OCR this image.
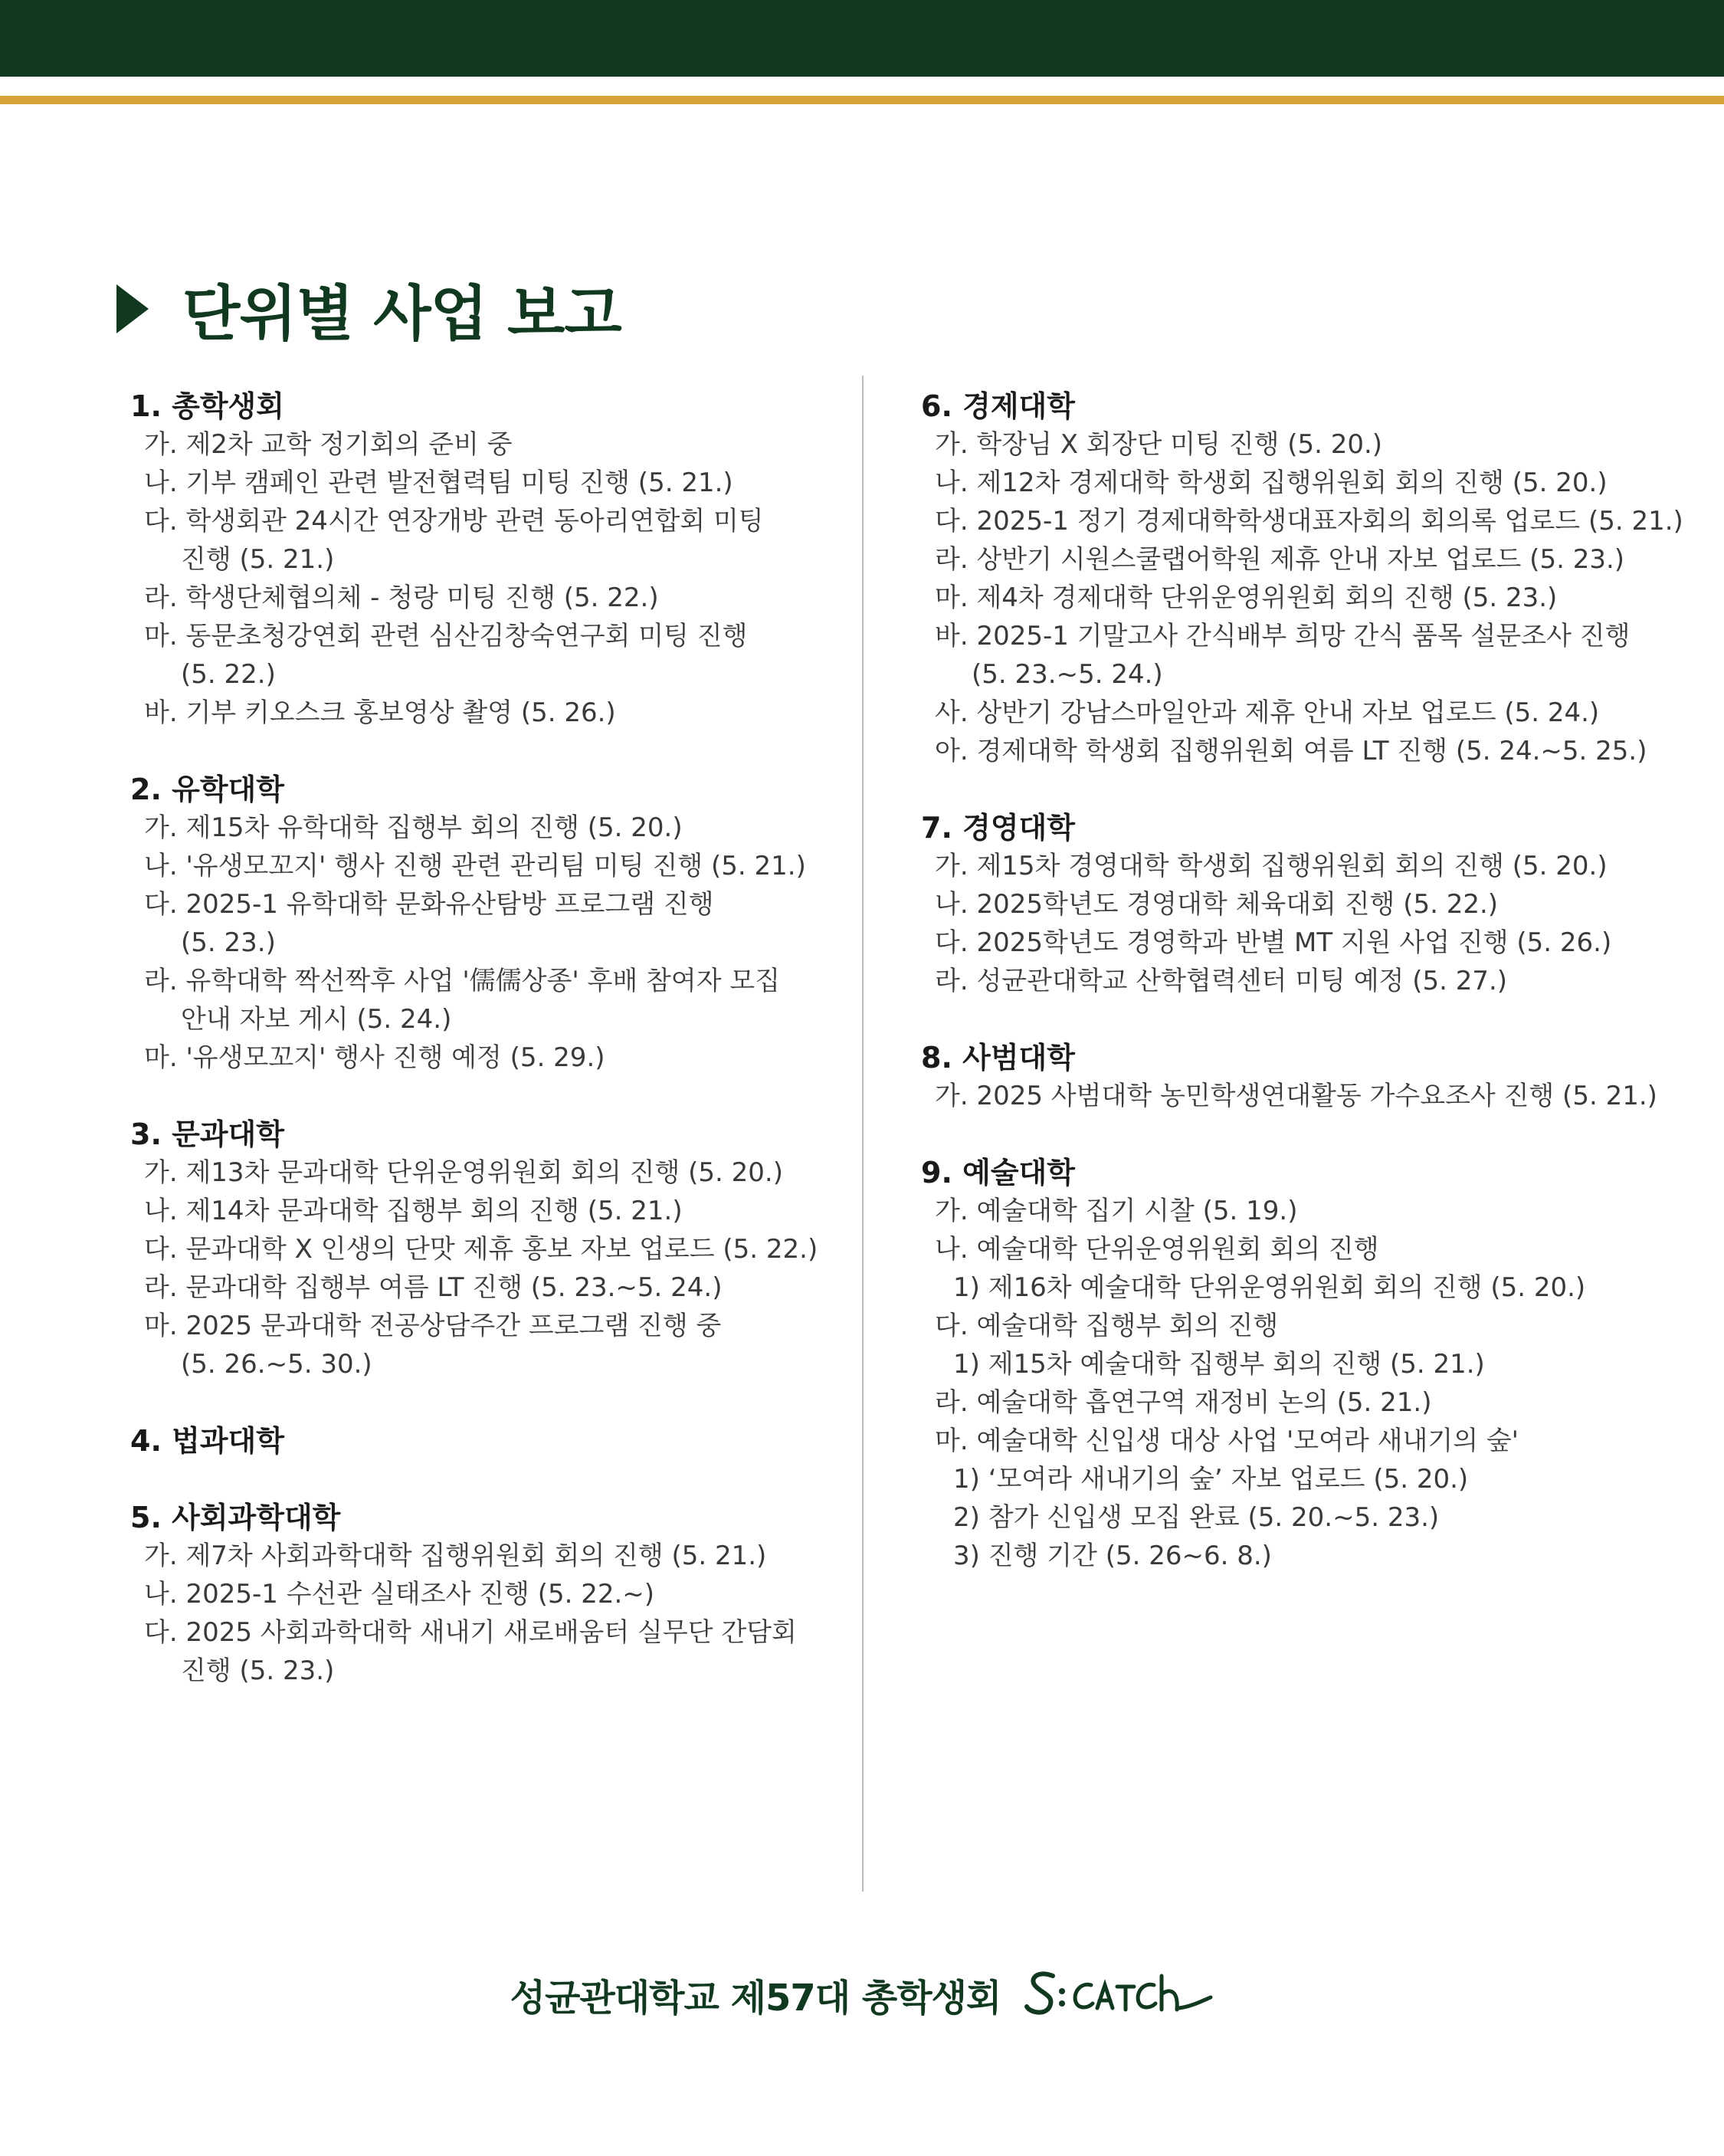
단위별 사업 보고
1. 총학생회
가. 제2차 교학 정기회의 준비 중
나. 기부 캠페인 관련 발전협력팀 미팅 진행 (5. 21.)
다. 학생회관 24시간 연장개방 관련 동아리연합회 미팅
진행 (5. 21.)
라. 학생단체협의체 - 청랑 미팅 진행 (5. 22.)
마. 동문초청강연회 관련 심산김창숙연구회 미팅 진행
(5. 22.)
바. 기부 키오스크 홍보영상 촬영 (5. 26.)
2. 유학대학
가. 제15차 유학대학 집행부 회의 진행 (5. 20.)
나. '유생모꼬지' 행사 진행 관련 관리팀 미팅 진행 (5. 21.)
다. 2025-1 유학대학 문화유산탐방 프로그램 진행
(5. 23.)
라. 유학대학 짝선짝후 사업 '儒儒상종' 후배 참여자 모집
안내 자보 게시 (5. 24.)
마. '유생모꼬지' 행사 진행 예정 (5. 29.)
3. 문과대학
가. 제13차 문과대학 단위운영위원회 회의 진행 (5. 20.)
나. 제14차 문과대학 집행부 회의 진행 (5. 21.)
다. 문과대학 X 인생의 단맛 제휴 홍보 자보 업로드 (5. 22.)
라. 문과대학 집행부 여름 LT 진행 (5. 23.~5. 24.)
마. 2025 문과대학 전공상담주간 프로그램 진행 중
(5. 26.~5. 30.)
4. 법과대학
5. 사회과학대학
가. 제7차 사회과학대학 집행위원회 회의 진행 (5. 21.)
나. 2025-1 수선관 실태조사 진행 (5. 22.~)
다. 2025 사회과학대학 새내기 새로배움터 실무단 간담회
진행 (5. 23.)
6. 경제대학
가. 학장님 X 회장단 미팅 진행 (5. 20.)
나. 제12차 경제대학 학생회 집행위원회 회의 진행 (5. 20.)
다. 2025-1 정기 경제대학학생대표자회의 회의록 업로드 (5. 21.)
라. 상반기 시원스쿨랩어학원 제휴 안내 자보 업로드 (5. 23.)
마. 제4차 경제대학 단위운영위원회 회의 진행 (5. 23.)
바. 2025-1 기말고사 간식배부 희망 간식 품목 설문조사 진행
(5. 23.~5. 24.)
사. 상반기 강남스마일안과 제휴 안내 자보 업로드 (5. 24.)
아. 경제대학 학생회 집행위원회 여름 LT 진행 (5. 24.~5. 25.)
7. 경영대학
가. 제15차 경영대학 학생회 집행위원회 회의 진행 (5. 20.)
나. 2025학년도 경영대학 체육대회 진행 (5. 22.)
다. 2025학년도 경영학과 반별 MT 지원 사업 진행 (5. 26.)
라. 성균관대학교 산학협력센터 미팅 예정 (5. 27.)
8. 사범대학
가. 2025 사범대학 농민학생연대활동 가수요조사 진행 (5. 21.)
9. 예술대학
가. 예술대학 집기 시찰 (5. 19.)
나. 예술대학 단위운영위원회 회의 진행
1) 제16차 예술대학 단위운영위원회 회의 진행 (5. 20.)
다. 예술대학 집행부 회의 진행
1) 제15차 예술대학 집행부 회의 진행 (5. 21.)
라. 예술대학 흡연구역 재정비 논의 (5. 21.)
마. 예술대학 신입생 대상 사업 '모여라 새내기의 숲'
1) ‘모여라 새내기의 숲’ 자보 업로드 (5. 20.)
2) 참가 신입생 모집 완료 (5. 20.~5. 23.)
3) 진행 기간 (5. 26~6. 8.)
성균관대학교 제57대 총학생회
